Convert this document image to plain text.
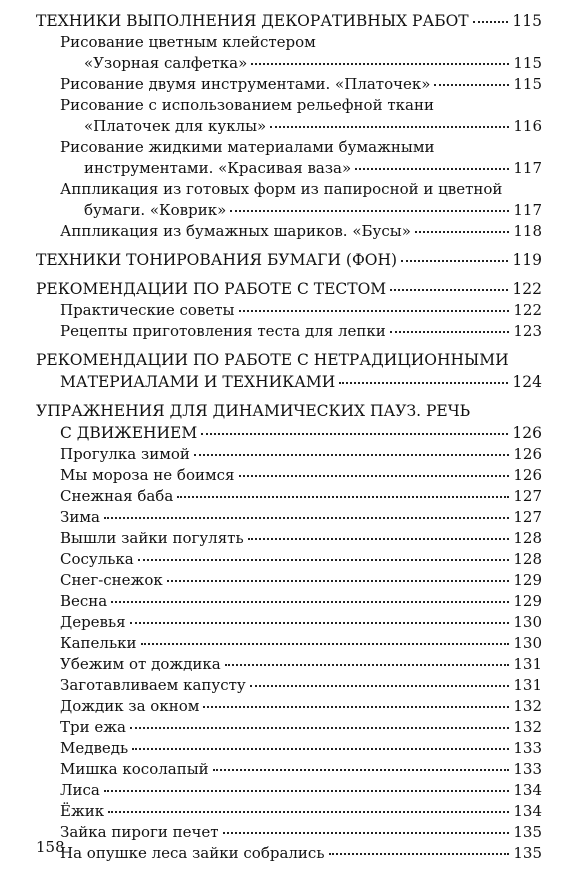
ТЕХНИКИ ВЫПОЛНЕНИЯ ДЕКОРАТИВНЫХ РАБОТ	115
Рисование цветным клейстером
«Узорная салфетка»	115
Рисование двумя инструментами. «Платочек»	115
Рисование с использованием рельефной ткани
«Платочек для куклы»	116
Рисование жидкими материалами бумажными
инструментами. «Красивая ваза»	117
Аппликация из готовых форм из папиросной и цветной
бумаги. «Коврик»	117
Аппликация из бумажных шариков. «Бусы»	118
ТЕХНИКИ ТОНИРОВАНИЯ БУМАГИ (ФОН)	119
РЕКОМЕНДАЦИИ ПО РАБОТЕ С ТЕСТОМ	122
Практические советы	122
Рецепты приготовления теста для лепки	123
РЕКОМЕНДАЦИИ ПО РАБОТЕ С НЕТРАДИЦИОННЫМИ
МАТЕРИАЛАМИ И ТЕХНИКАМИ	124
УПРАЖНЕНИЯ ДЛЯ ДИНАМИЧЕСКИХ ПАУЗ. РЕЧЬ
С ДВИЖЕНИЕМ	126
Прогулка зимой	126
Мы мороза не боимся	126
Снежная баба	127
Зима	127
Вышли зайки погулять	128
Сосулька	128
Снег-снежок	129
Весна	129
Деревья	130
Капельки	130
Убежим от дождика	131
Заготавливаем капусту	131
Дождик за окном	132
Три ежа	132
Медведь	133
Мишка косолапый	133
Лиса	134
Ёжик	134
Зайка пироги печет	135
На опушке леса зайки собрались	135
158
